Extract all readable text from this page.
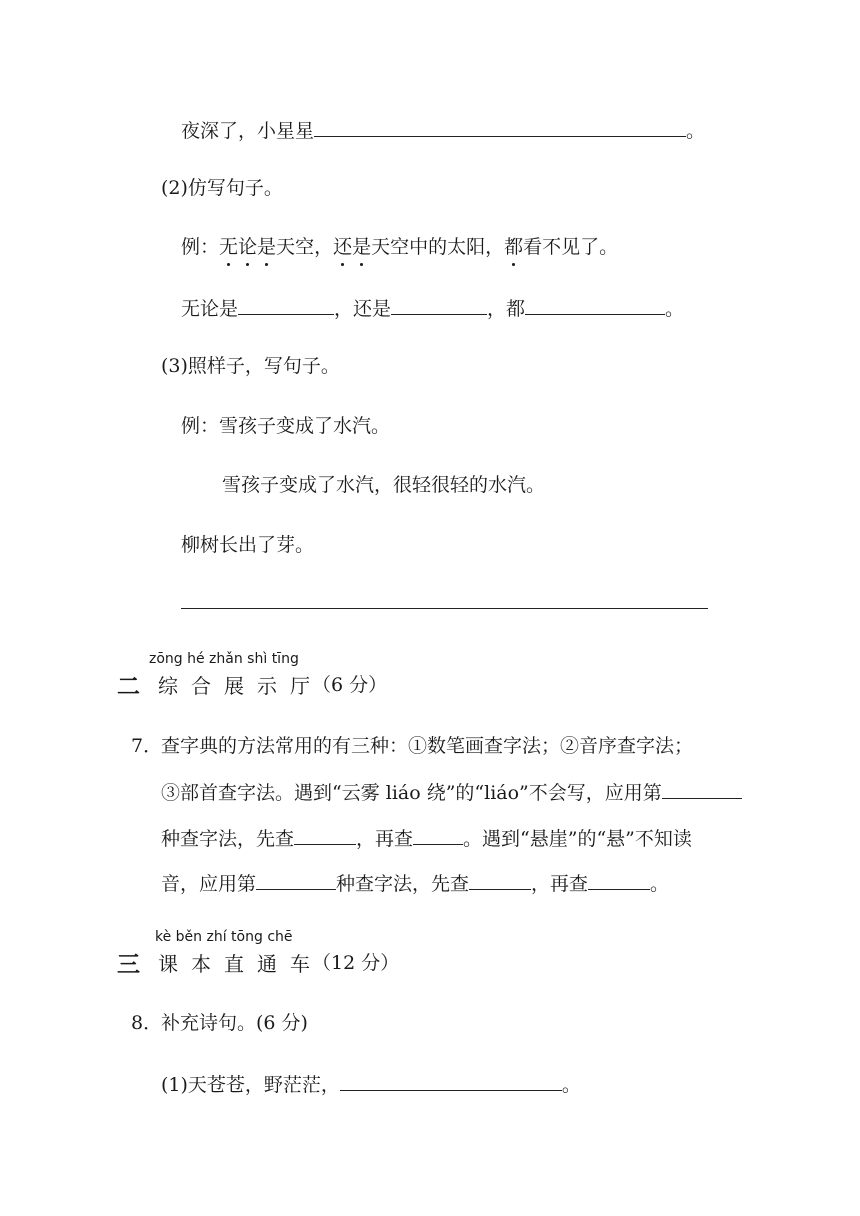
夜深了，小星星	。
(2)仿写句子。
例：无论是天空，还是天空中的太阳，都看不见了。
无论是	，还是	，都	。
(3)照样子，写句子。
例：雪孩子变成了水汽。
雪孩子变成了水汽，很轻很轻的水汽。
柳树长出了芽。
zōng hé zhǎn shì tīng
二 综合展示厅
（6 分）
7．
查字典的方法常用的有三种：①数笔画查字法；②音序查字法；
③部首查字法。遇到“云雾 liáo 绕”的“liáo”不会写，应用第
种查字法，先查	，再查	。遇到“悬崖”的“悬”不知读
音，应用第	种查字法，先查	，再查	。
kè běn zhí tōng chē
三 课本直通车
（12 分）
8．
补充诗句。(6 分)
(1)天苍苍，野茫茫，	。
